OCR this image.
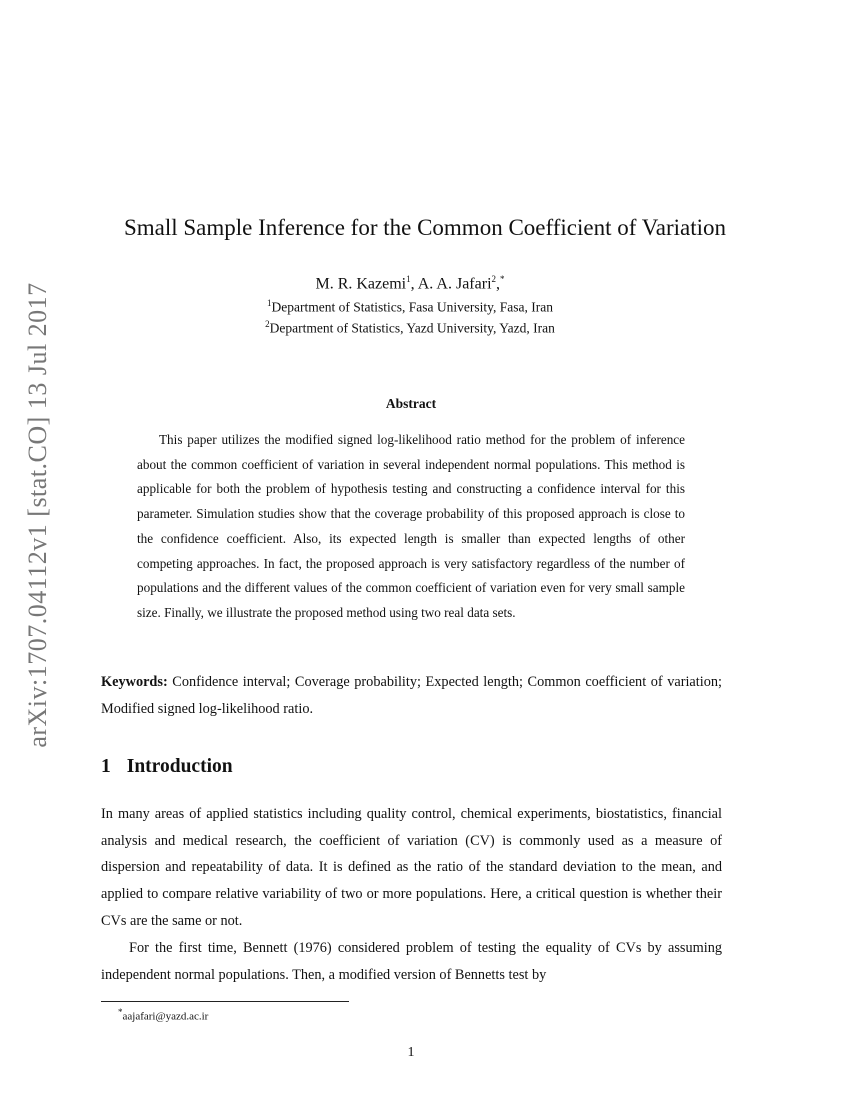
arXiv:1707.04112v1 [stat.CO] 13 Jul 2017
Small Sample Inference for the Common Coefficient of Variation
M. R. Kazemi$^1$, A. A. Jafari$^2$,*
$^1$Department of Statistics, Fasa University, Fasa, Iran
$^2$Department of Statistics, Yazd University, Yazd, Iran
Abstract

This paper utilizes the modified signed log-likelihood ratio method for the problem of inference about the common coefficient of variation in several independent normal populations. This method is applicable for both the problem of hypothesis testing and constructing a confidence interval for this parameter. Simulation studies show that the coverage probability of this proposed approach is close to the confidence coefficient. Also, its expected length is smaller than expected lengths of other competing approaches. In fact, the proposed approach is very satisfactory regardless of the number of populations and the different values of the common coefficient of variation even for very small sample size. Finally, we illustrate the proposed method using two real data sets.

Keywords: Confidence interval; Coverage probability; Expected length; Common coefficient of variation; Modified signed log-likelihood ratio.

1 Introduction

In many areas of applied statistics including quality control, chemical experiments, biostatistics, financial analysis and medical research, the coefficient of variation (CV) is commonly used as a measure of dispersion and repeatability of data. It is defined as the ratio of the standard deviation to the mean, and applied to compare relative variability of two or more populations. Here, a critical question is whether their CVs are the same or not.

For the first time, Bennett (1976) considered problem of testing the equality of CVs by assuming independent normal populations. Then, a modified version of Bennetts test by

*aajafari@yazd.ac.ir
1
